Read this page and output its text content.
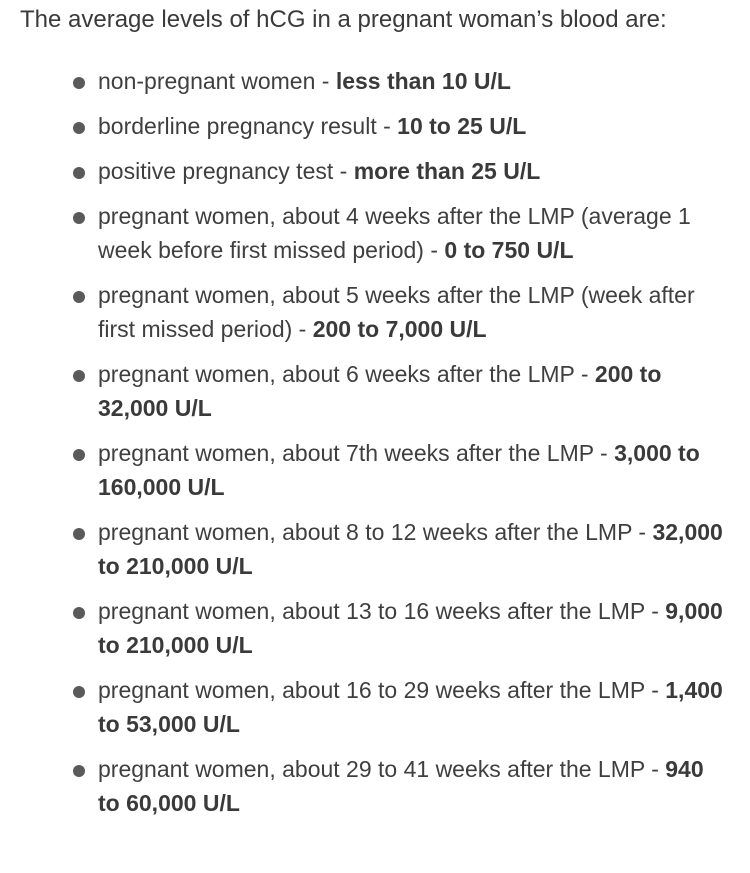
The average levels of hCG in a pregnant woman’s blood are:

non-pregnant women - less than 10 U/L
borderline pregnancy result - 10 to 25 U/L
positive pregnancy test - more than 25 U/L
pregnant women, about 4 weeks after the LMP (average 1 week before first missed period) - 0 to 750 U/L
pregnant women, about 5 weeks after the LMP (week after first missed period) - 200 to 7,000 U/L
pregnant women, about 6 weeks after the LMP - 200 to 32,000 U/L
pregnant women, about 7th weeks after the LMP - 3,000 to 160,000 U/L
pregnant women, about 8 to 12 weeks after the LMP - 32,000 to 210,000 U/L
pregnant women, about 13 to 16 weeks after the LMP - 9,000 to 210,000 U/L
pregnant women, about 16 to 29 weeks after the LMP - 1,400 to 53,000 U/L
pregnant women, about 29 to 41 weeks after the LMP - 940 to 60,000 U/L
